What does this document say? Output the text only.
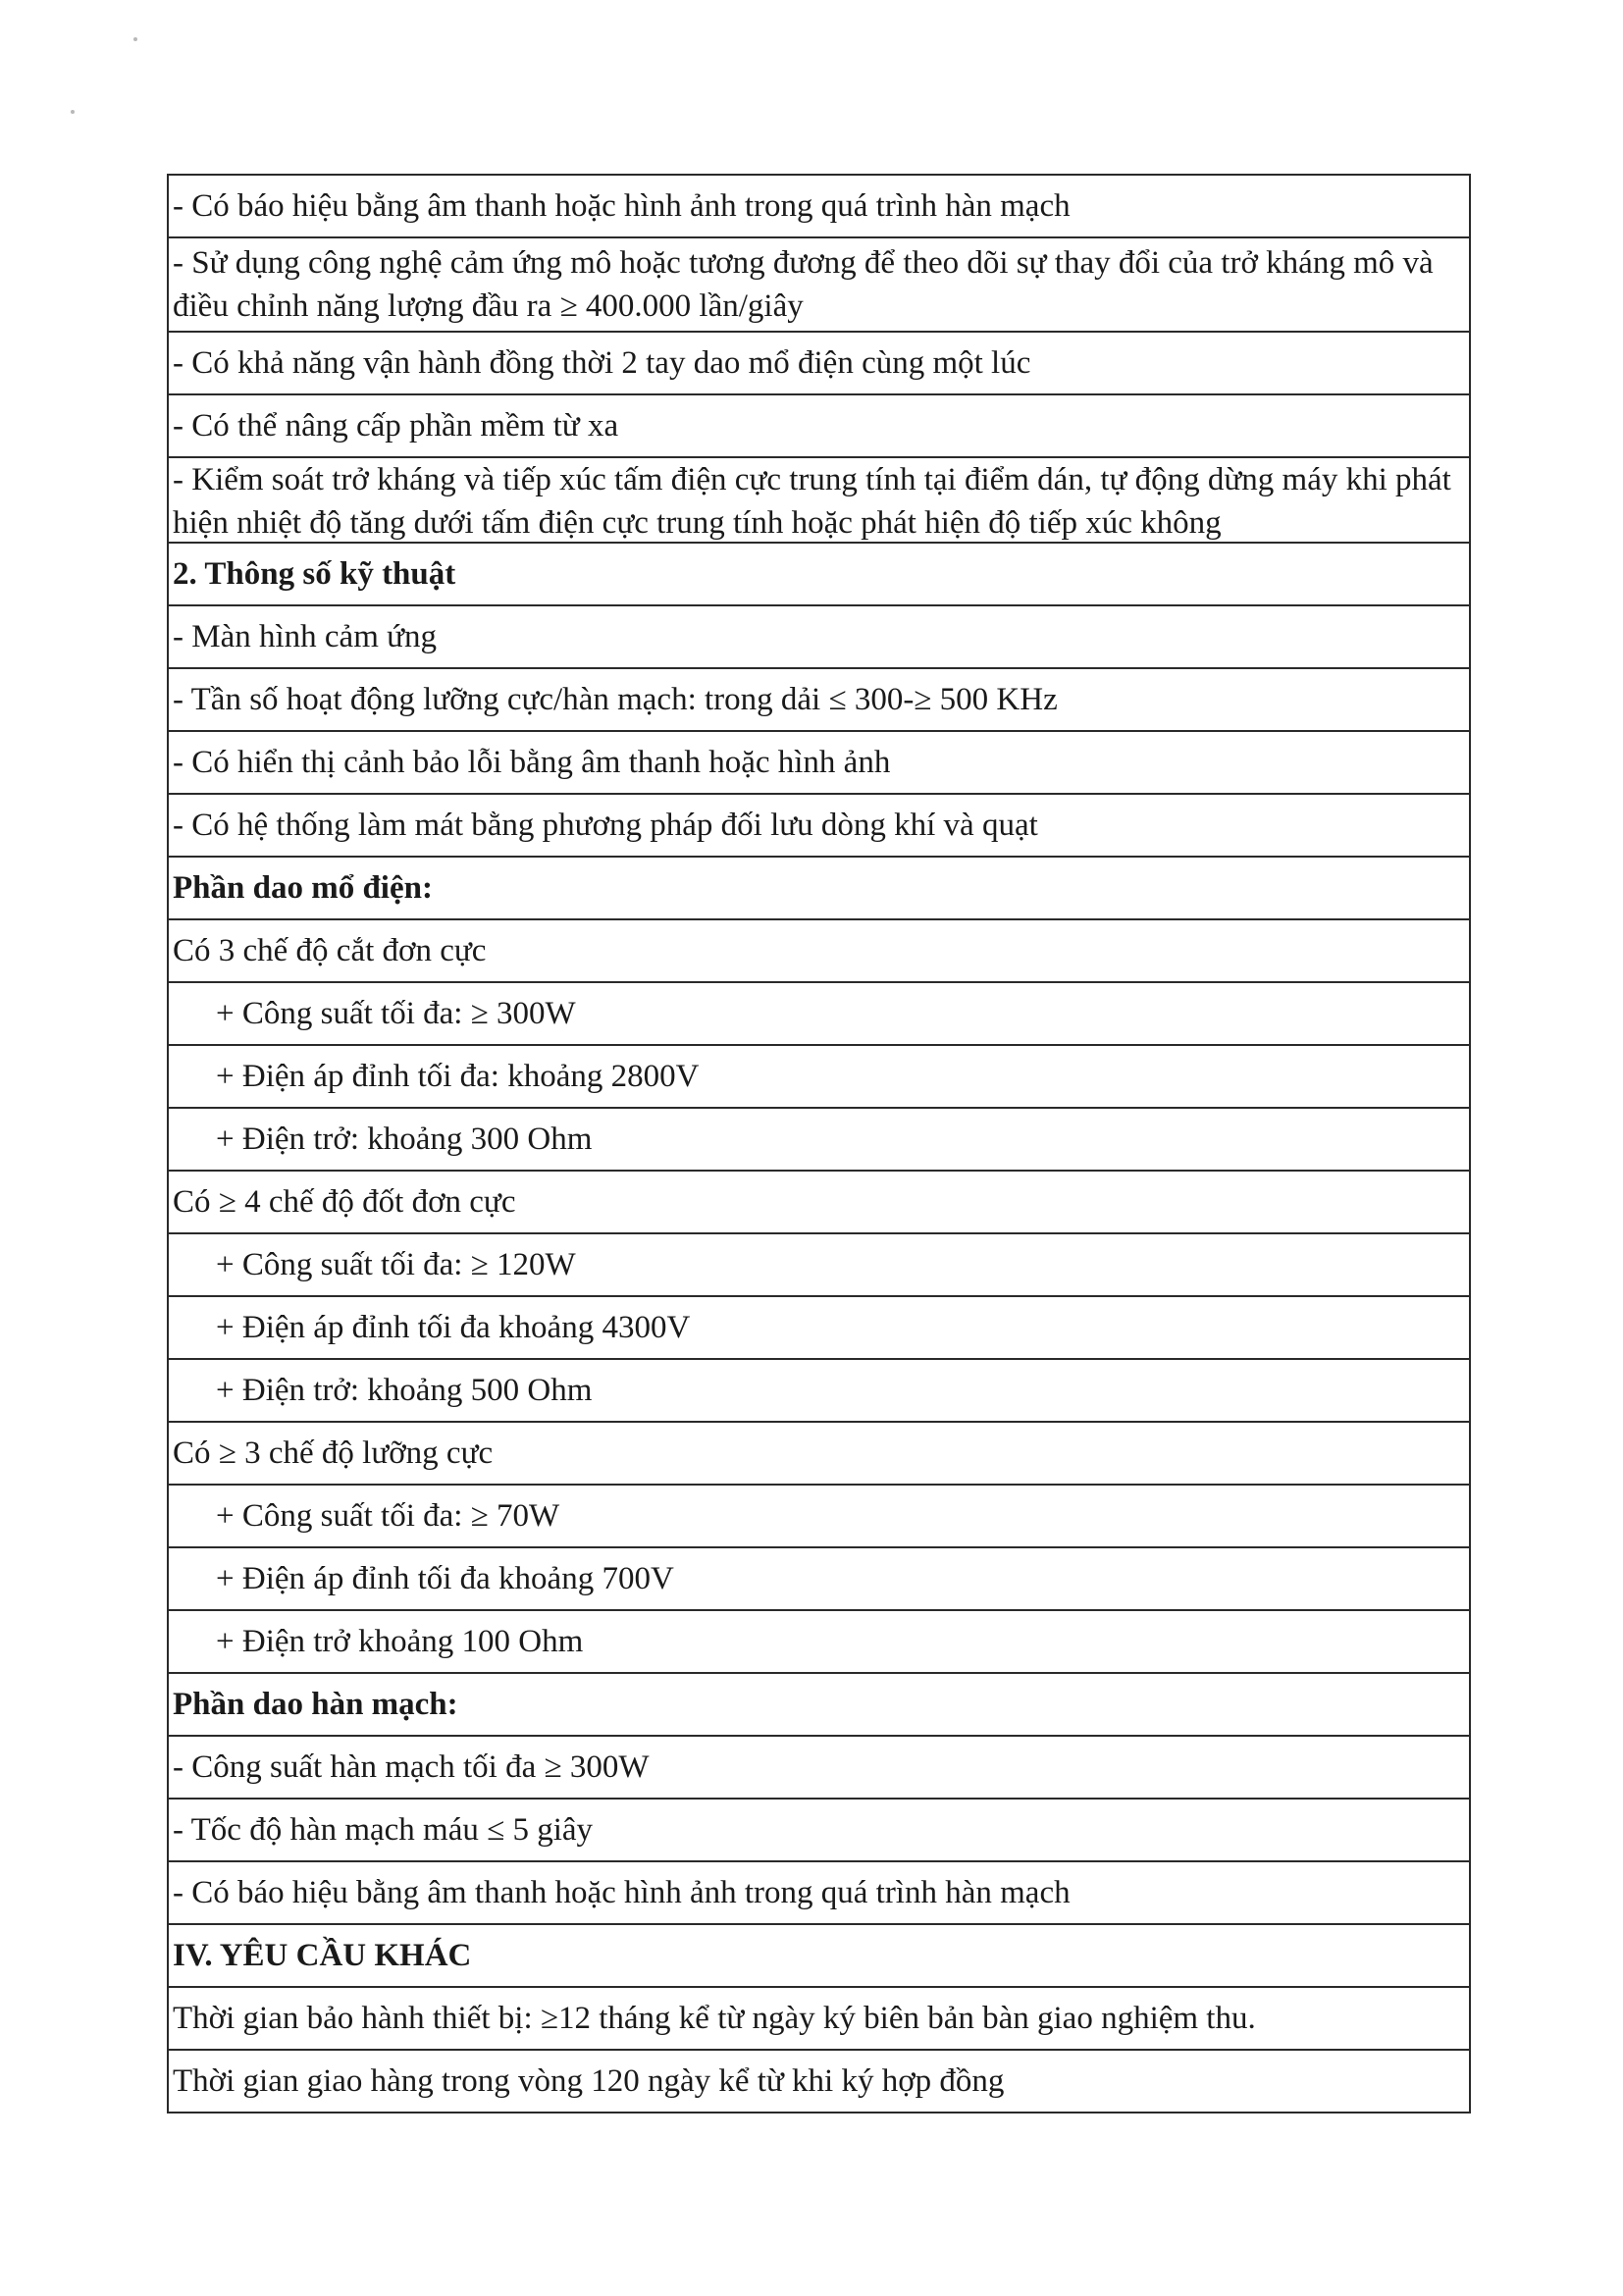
- Có báo hiệu bằng âm thanh hoặc hình ảnh trong quá trình hàn mạch
- Sử dụng công nghệ cảm ứng mô hoặc tương đương để theo dõi sự thay đổi của trở kháng mô và điều chỉnh năng lượng đầu ra ≥ 400.000 lần/giây
- Có khả năng vận hành đồng thời 2 tay dao mổ điện cùng một lúc
- Có thể nâng cấp phần mềm từ xa

- Kiểm soát trở kháng và tiếp xúc tấm điện cực trung tính tại điểm dán, tự động dừng máy khi phát hiện nhiệt độ tăng dưới tấm điện cực trung tính hoặc phát hiện độ tiếp xúc không

2. Thông số kỹ thuật
- Màn hình cảm ứng
- Tần số hoạt động lưỡng cực/hàn mạch: trong dải ≤ 300-≥ 500 KHz
- Có hiển thị cảnh bảo lỗi bằng âm thanh hoặc hình ảnh
- Có hệ thống làm mát bằng phương pháp đối lưu dòng khí và quạt
Phần dao mổ điện:
Có 3 chế độ cắt đơn cực
+ Công suất tối đa: ≥ 300W
+ Điện áp đỉnh tối đa: khoảng 2800V
+ Điện trở: khoảng 300 Ohm
Có ≥ 4 chế độ đốt đơn cực
+ Công suất tối đa: ≥ 120W
+ Điện áp đỉnh tối đa khoảng 4300V
+ Điện trở: khoảng 500 Ohm
Có ≥ 3 chế độ lưỡng cực
+ Công suất tối đa: ≥ 70W
+ Điện áp đỉnh tối đa khoảng 700V
+ Điện trở khoảng 100 Ohm
Phần dao hàn mạch:
- Công suất hàn mạch tối đa ≥ 300W
- Tốc độ hàn mạch máu ≤ 5 giây
- Có báo hiệu bằng âm thanh hoặc hình ảnh trong quá trình hàn mạch
IV. YÊU CẦU KHÁC
Thời gian bảo hành thiết bị: ≥12 tháng kể từ ngày ký biên bản bàn giao nghiệm thu.
Thời gian giao hàng trong vòng 120 ngày kể từ khi ký hợp đồng
